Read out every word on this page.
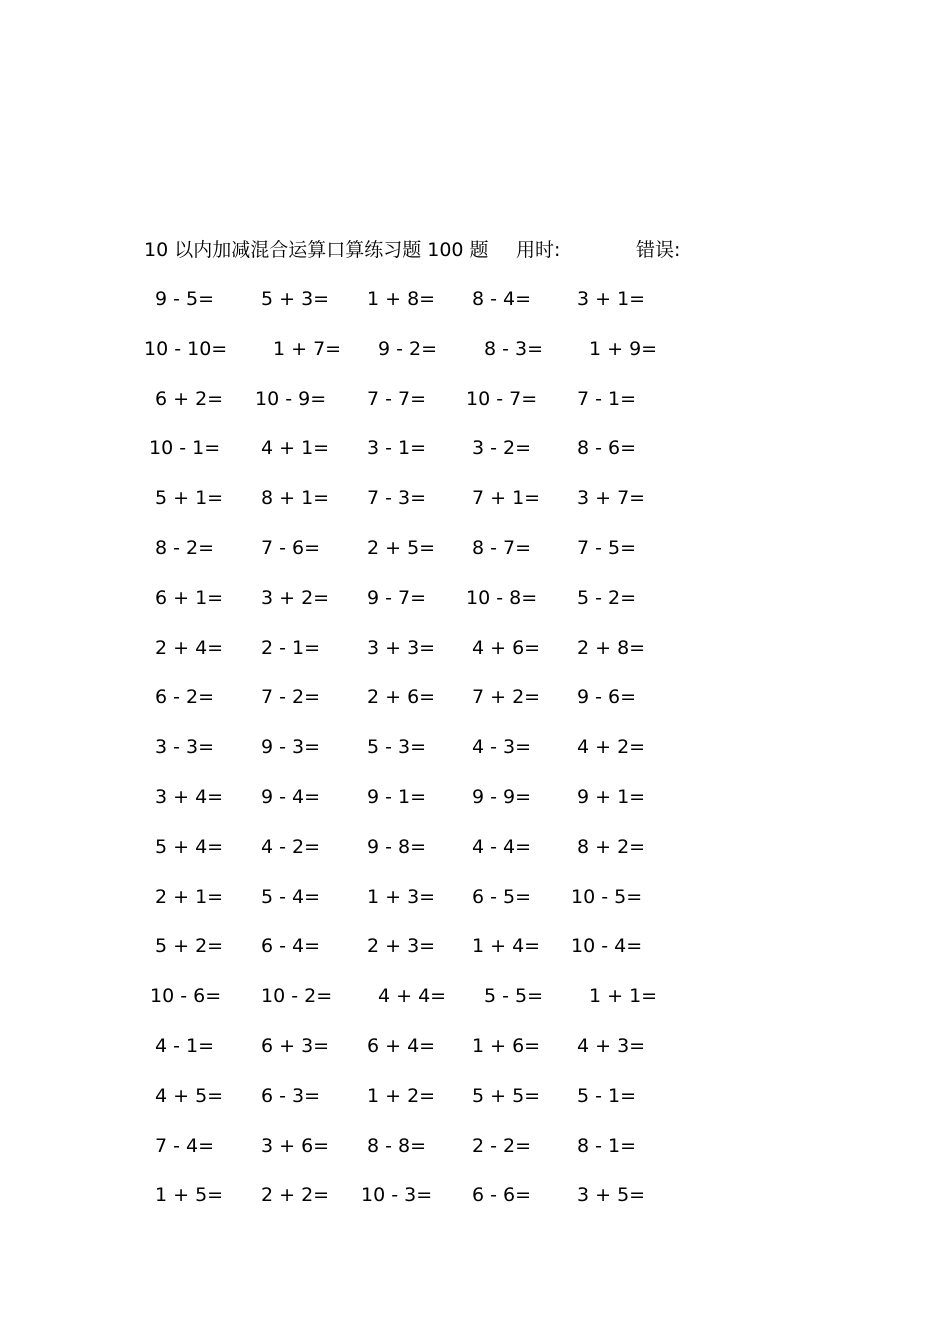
10 以内加减混合运算口算练习题 100 题 用时:	错误:
9 - 5= 5 + 3= 1 + 8= 8 - 4= 3 + 1=
10 - 10= 1 + 7= 9 - 2= 8 - 3= 1 + 9=
6 + 2= 10 - 9= 7 - 7= 10 - 7= 7 - 1=
10 - 1= 4 + 1= 3 - 1= 3 - 2= 8 - 6=
5 + 1= 8 + 1= 7 - 3= 7 + 1= 3 + 7=
8 - 2= 7 - 6= 2 + 5= 8 - 7= 7 - 5=
6 + 1= 3 + 2= 9 - 7= 10 - 8= 5 - 2=
2 + 4= 2 - 1= 3 + 3= 4 + 6= 2 + 8=
6 - 2= 7 - 2= 2 + 6= 7 + 2= 9 - 6=
3 - 3= 9 - 3= 5 - 3= 4 - 3= 4 + 2=
3 + 4= 9 - 4= 9 - 1= 9 - 9= 9 + 1=
5 + 4= 4 - 2= 9 - 8= 4 - 4= 8 + 2=
2 + 1= 5 - 4= 1 + 3= 6 - 5= 10 - 5=
5 + 2= 6 - 4= 2 + 3= 1 + 4= 10 - 4=
10 - 6= 10 - 2= 4 + 4= 5 - 5= 1 + 1=
4 - 1= 6 + 3= 6 + 4= 1 + 6= 4 + 3=
4 + 5= 6 - 3= 1 + 2= 5 + 5= 5 - 1=
7 - 4= 3 + 6= 8 - 8= 2 - 2= 8 - 1=
1 + 5= 2 + 2= 10 - 3= 6 - 6= 3 + 5=
